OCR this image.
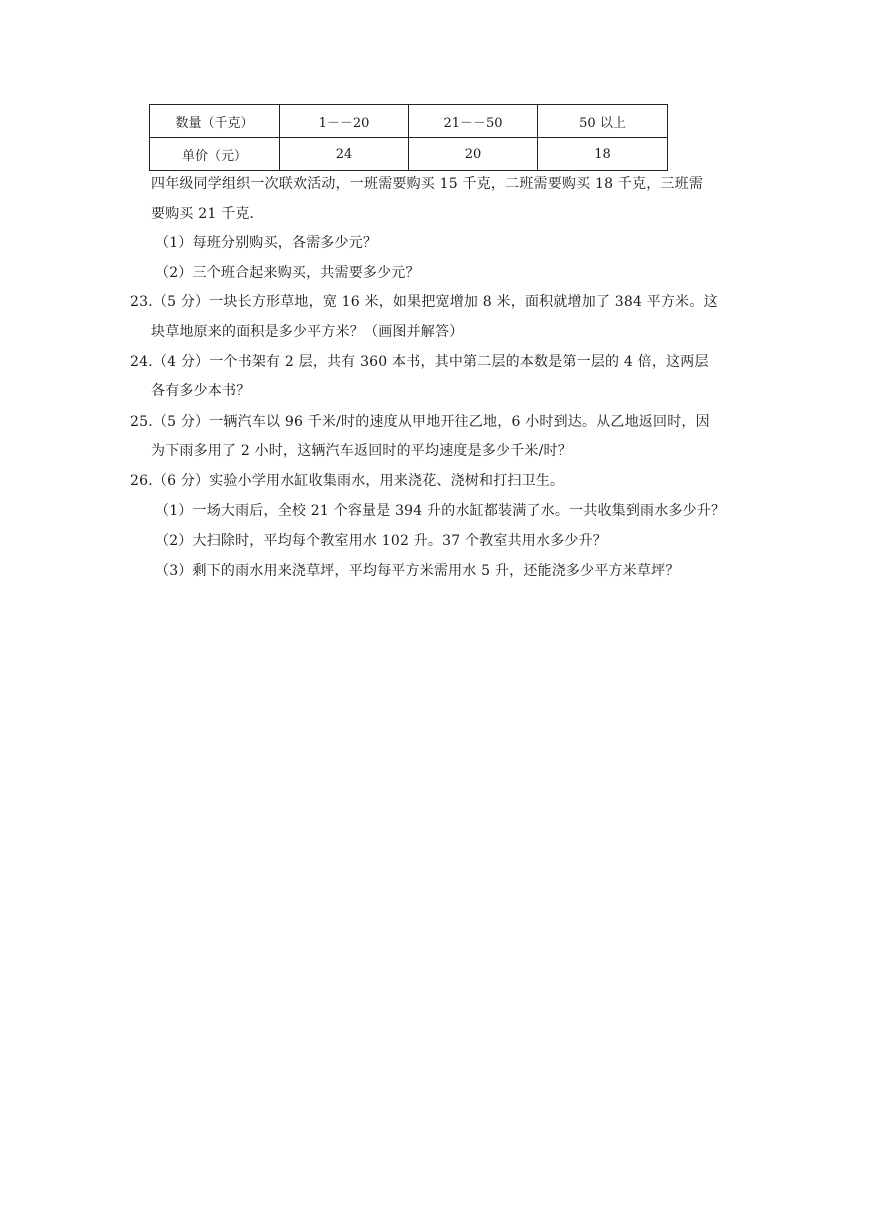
数量（千克）	1－－20	21－－50	50 以上
单价（元）	24	20	18
四年级同学组织一次联欢活动，一班需要购买 15 千克，二班需要购买 18 千克，三班需
要购买 21 千克．
（1）每班分别购买，各需多少元？
（2）三个班合起来购买，共需要多少元？
23.（5 分）一块长方形草地，宽 16 米，如果把宽增加 8 米，面积就增加了 384 平方米。这
块草地原来的面积是多少平方米？（画图并解答）
24.（4 分）一个书架有 2 层，共有 360 本书，其中第二层的本数是第一层的 4 倍，这两层
各有多少本书？
25.（5 分）一辆汽车以 96 千米/时的速度从甲地开往乙地，6 小时到达。从乙地返回时，因
为下雨多用了 2 小时，这辆汽车返回时的平均速度是多少千米/时？
26.（6 分）实验小学用水缸收集雨水，用来浇花、浇树和打扫卫生。
（1）一场大雨后，全校 21 个容量是 394 升的水缸都装满了水。一共收集到雨水多少升？
（2）大扫除时，平均每个教室用水 102 升。37 个教室共用水多少升？
（3）剩下的雨水用来浇草坪，平均每平方米需用水 5 升，还能浇多少平方米草坪？
